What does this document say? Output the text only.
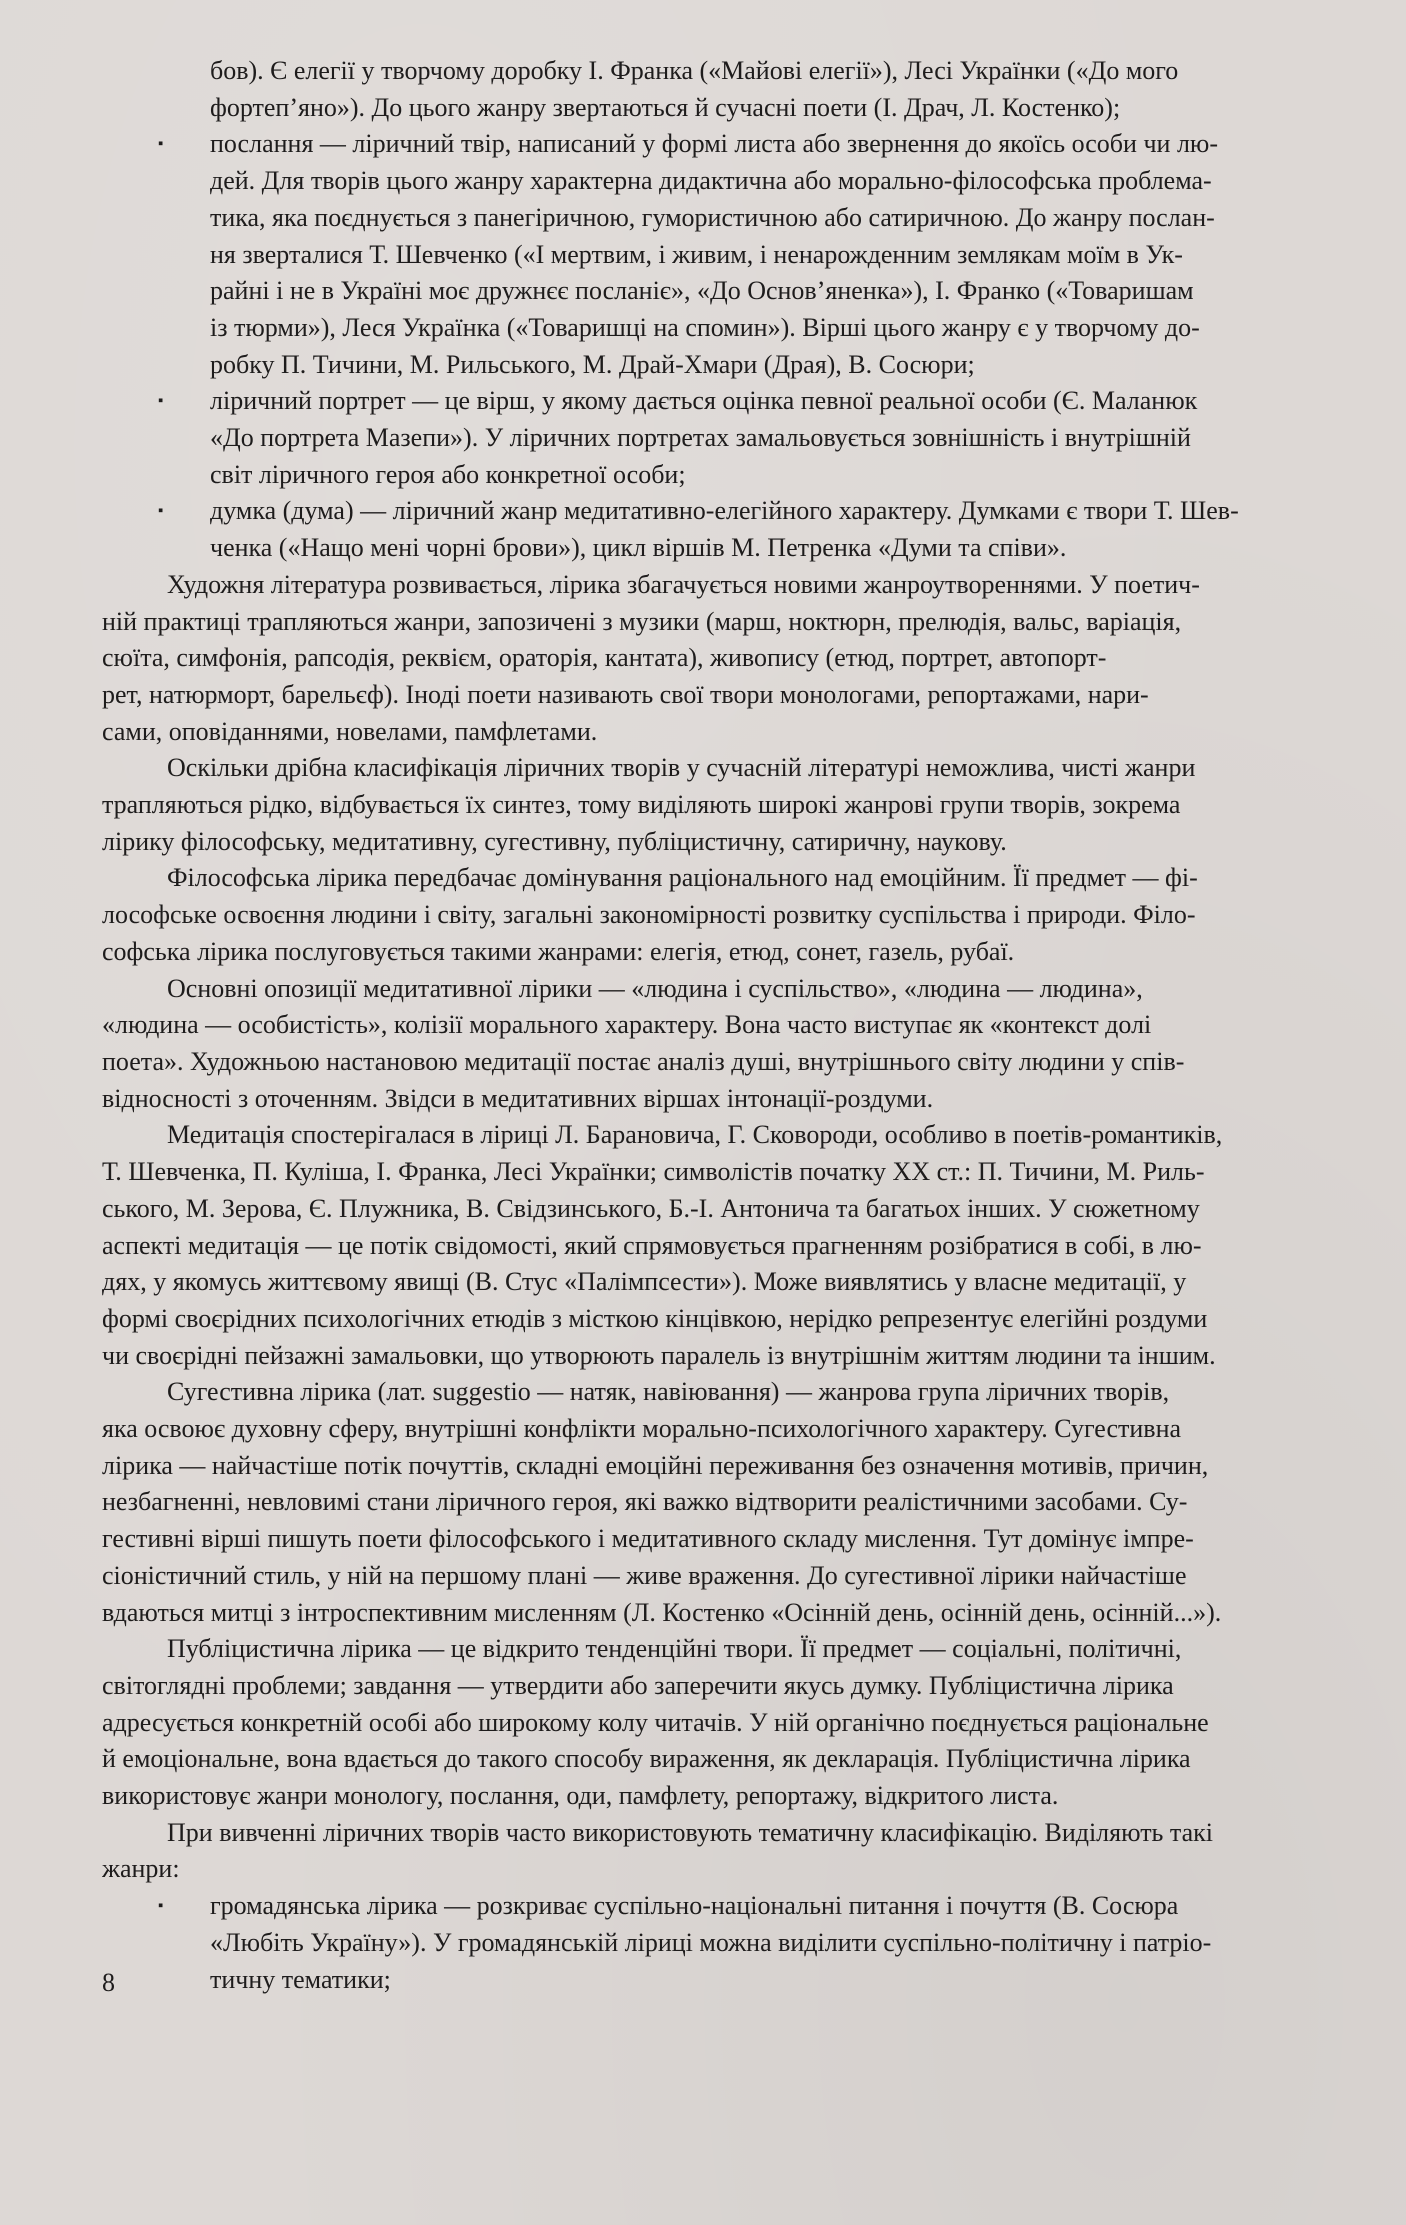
бов). Є елегії у творчому доробку І. Франка («Майові елегії»), Лесі Українки («До мого

фортеп’яно»). До цього жанру звертаються й сучасні поети (І. Драч, Л. Костенко);

▪ послання — ліричний твір, написаний у формі листа або звернення до якоїсь особи чи лю-

дей. Для творів цього жанру характерна дидактична або морально-філософська проблема-

тика, яка поєднується з панегіричною, гумористичною або сатиричною. До жанру послан-

ня зверталися Т. Шевченко («І мертвим, і живим, і ненарожденним землякам моїм в Ук-

райні і не в Україні моє дружнєє посланіє», «До Основ’яненка»), І. Франко («Товаришам

із тюрми»), Леся Українка («Товаришці на спомин»). Вірші цього жанру є у творчому до-

робку П. Тичини, М. Рильського, М. Драй-Хмари (Драя), В. Сосюри;

▪ ліричний портрет — це вірш, у якому дається оцінка певної реальної особи (Є. Маланюк

«До портрета Мазепи»). У ліричних портретах замальовується зовнішність і внутрішній

світ ліричного героя або конкретної особи;

▪ думка (дума) — ліричний жанр медитативно-елегійного характеру. Думками є твори Т. Шев-

ченка («Нащо мені чорні брови»), цикл віршів М. Петренка «Думи та співи».

Художня література розвивається, лірика збагачується новими жанроутвореннями. У поетич-

ній практиці трапляються жанри, запозичені з музики (марш, ноктюрн, прелюдія, вальс, варіація,

сюїта, симфонія, рапсодія, реквієм, ораторія, кантата), живопису (етюд, портрет, автопорт-

рет, натюрморт, барельєф). Іноді поети називають свої твори монологами, репортажами, нари-

сами, оповіданнями, новелами, памфлетами.

Оскільки дрібна класифікація ліричних творів у сучасній літературі неможлива, чисті жанри

трапляються рідко, відбувається їх синтез, тому виділяють широкі жанрові групи творів, зокрема

лірику філософську, медитативну, сугестивну, публіцистичну, сатиричну, наукову.

Філософська лірика передбачає домінування раціонального над емоційним. Її предмет — фі-

лософське освоєння людини і світу, загальні закономірності розвитку суспільства і природи. Філо-

софська лірика послуговується такими жанрами: елегія, етюд, сонет, газель, рубаї.

Основні опозиції медитативної лірики — «людина і суспільство», «людина — людина»,

«людина — особистість», колізії морального характеру. Вона часто виступає як «контекст долі

поета». Художньою настановою медитації постає аналіз душі, внутрішнього світу людини у спів-

відносності з оточенням. Звідси в медитативних віршах інтонації-роздуми.

Медитація спостерігалася в ліриці Л. Барановича, Г. Сковороди, особливо в поетів-романтиків,

Т. Шевченка, П. Куліша, І. Франка, Лесі Українки; символістів початку ХХ ст.: П. Тичини, М. Риль-

ського, М. Зерова, Є. Плужника, В. Свідзинського, Б.-І. Антонича та багатьох інших. У сюжетному

аспекті медитація — це потік свідомості, який спрямовується прагненням розібратися в собі, в лю-

дях, у якомусь життєвому явищі (В. Стус «Палімпсести»). Може виявлятись у власне медитації, у

формі своєрідних психологічних етюдів з місткою кінцівкою, нерідко репрезентує елегійні роздуми

чи своєрідні пейзажні замальовки, що утворюють паралель із внутрішнім життям людини та іншим.

Сугестивна лірика (лат. suggestio — натяк, навіювання) — жанрова група ліричних творів,

яка освоює духовну сферу, внутрішні конфлікти морально-психологічного характеру. Сугестивна

лірика — найчастіше потік почуттів, складні емоційні переживання без означення мотивів, причин,

незбагненні, невловимі стани ліричного героя, які важко відтворити реалістичними засобами. Су-

гестивні вірші пишуть поети філософського і медитативного складу мислення. Тут домінує імпре-

сіоністичний стиль, у ній на першому плані — живе враження. До сугестивної лірики найчастіше

вдаються митці з інтроспективним мисленням (Л. Костенко «Осінній день, осінній день, осінній...»).

Публіцистична лірика — це відкрито тенденційні твори. Її предмет — соціальні, політичні,

світоглядні проблеми; завдання — утвердити або заперечити якусь думку. Публіцистична лірика

адресується конкретній особі або широкому колу читачів. У ній органічно поєднується раціональне

й емоціональне, вона вдається до такого способу вираження, як декларація. Публіцистична лірика

використовує жанри монологу, послання, оди, памфлету, репортажу, відкритого листа.

При вивченні ліричних творів часто використовують тематичну класифікацію. Виділяють такі

жанри:

▪ громадянська лірика — розкриває суспільно-національні питання і почуття (В. Сосюра

«Любіть Україну»). У громадянській ліриці можна виділити суспільно-політичну і патріо-

тичну тематики;

8
